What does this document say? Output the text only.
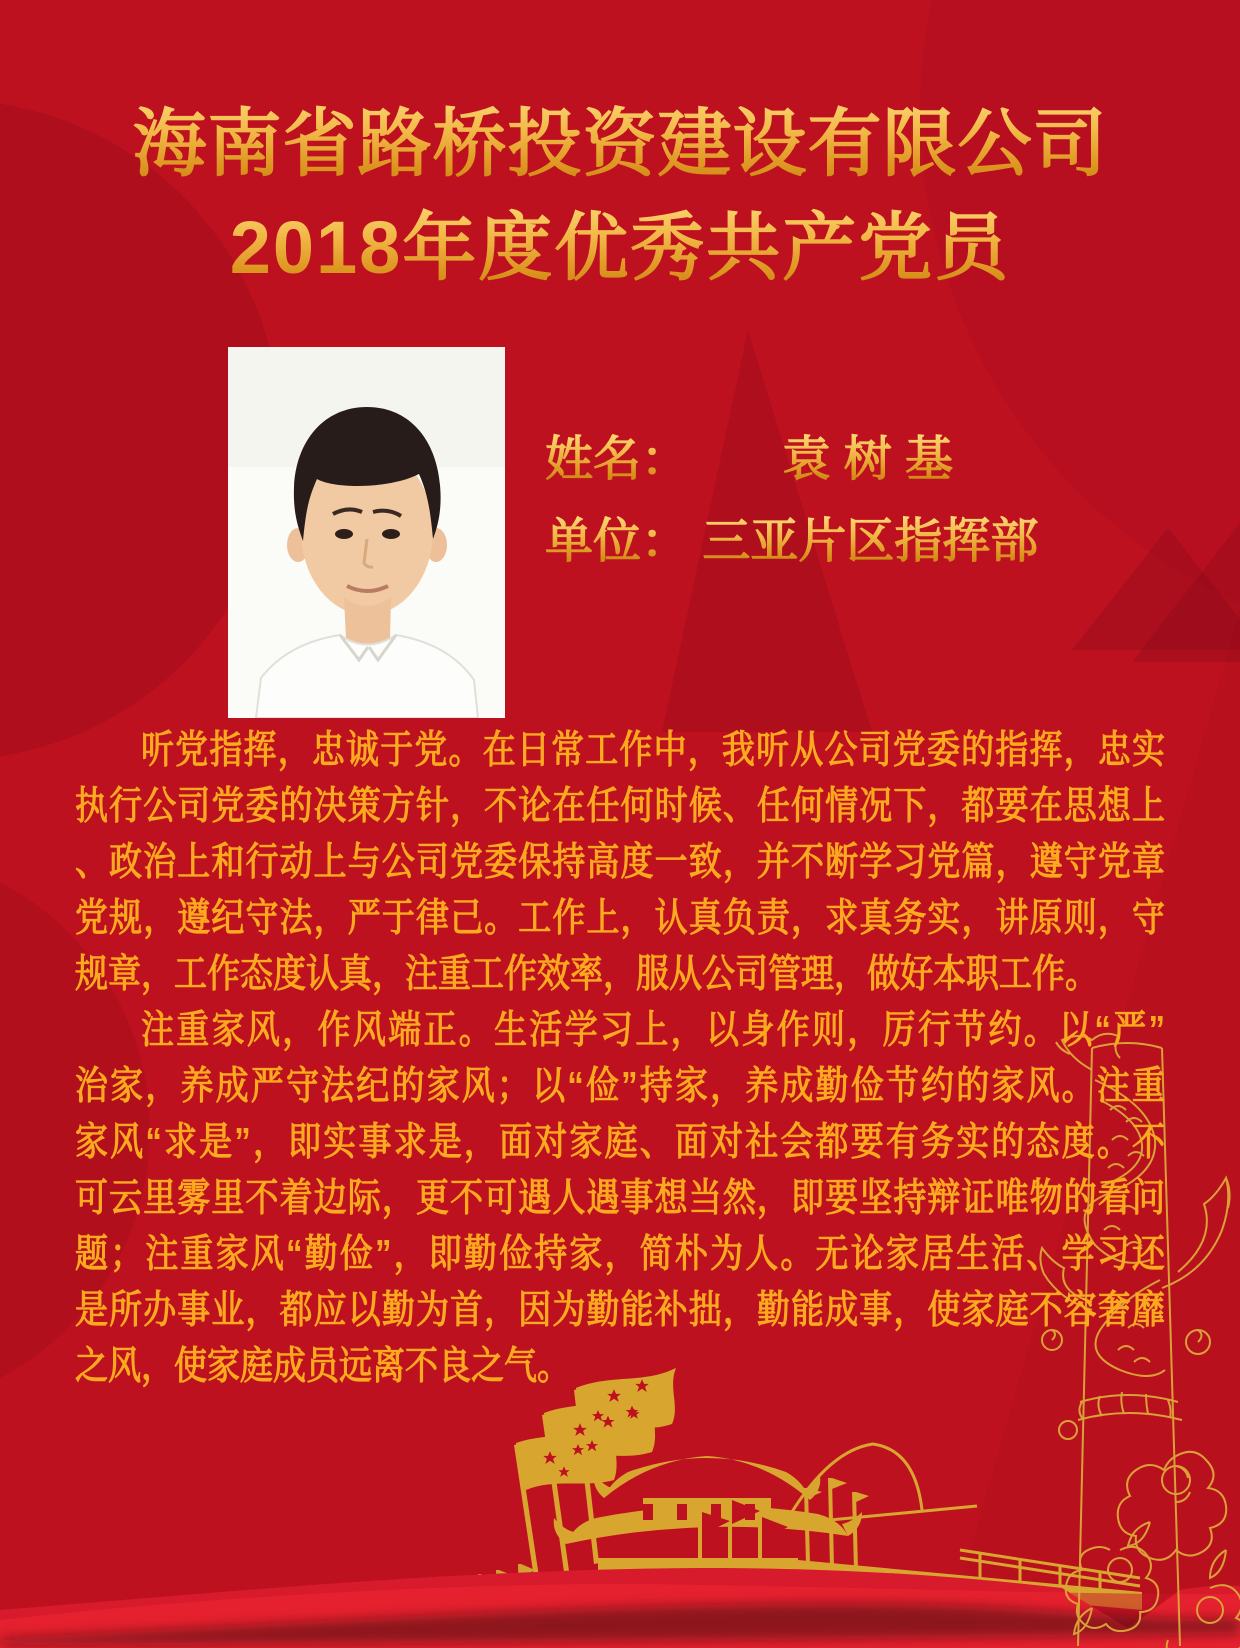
海南省路桥投资建设有限公司
2018年度优秀共产党员
姓名： 袁 树 基
单位： 三亚片区指挥部
听党指挥，忠诚于党。在日常工作中，我听从公司党委的指挥，忠实
执行公司党委的决策方针，不论在任何时候、任何情况下，都要在思想上
、政治上和行动上与公司党委保持高度一致，并不断学习党篇，遵守党章
党规，遵纪守法，严于律己。工作上，认真负责，求真务实，讲原则，守
规章，工作态度认真，注重工作效率，服从公司管理，做好本职工作。
注重家风，作风端正。生活学习上，以身作则，厉行节约。以“严”
治家，养成严守法纪的家风；以“俭”持家，养成勤俭节约的家风。注重
家风“求是”，即实事求是，面对家庭、面对社会都要有务实的态度。不
可云里雾里不着边际，更不可遇人遇事想当然，即要坚持辩证唯物的看问
题；注重家风“勤俭”，即勤俭持家，简朴为人。无论家居生活、学习还
是所办事业，都应以勤为首，因为勤能补拙，勤能成事，使家庭不容奢靡
之风，使家庭成员远离不良之气。
